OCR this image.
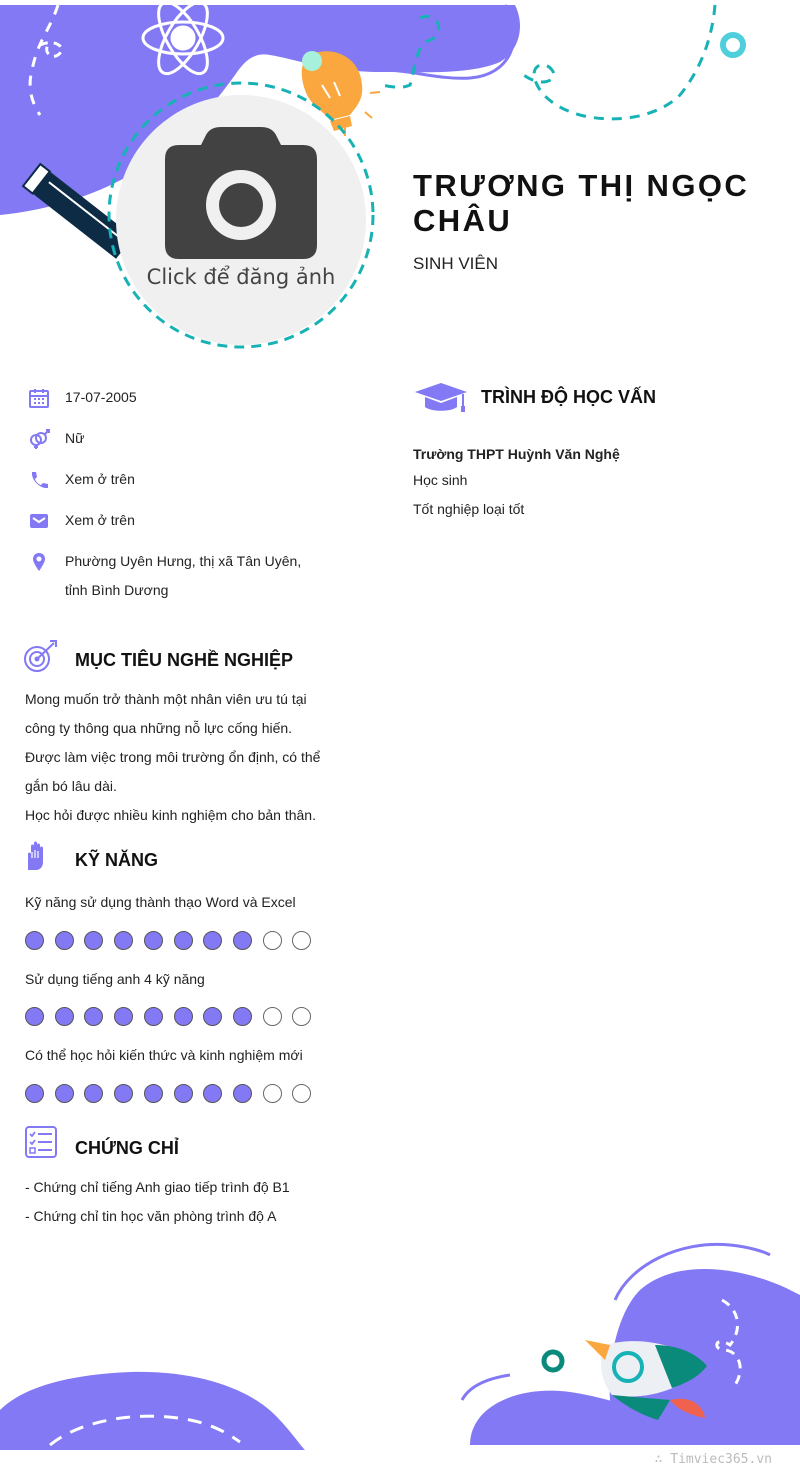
Click để đăng ảnh
TRƯƠNG THỊ NGỌC CHÂU
SINH VIÊN
17-07-2005
Nữ
Xem ở trên
Xem ở trên
Phường Uyên Hưng, thị xã Tân Uyên, tỉnh Bình Dương
MỤC TIÊU NGHỀ NGHIỆP
Mong muốn trở thành một nhân viên ưu tú tại công ty thông qua những nỗ lực cống hiến.
Được làm việc trong môi trường ổn định, có thể gắn bó lâu dài.
Học hỏi được nhiều kinh nghiệm cho bản thân.
KỸ NĂNG
Kỹ năng sử dụng thành thạo Word và Excel
Sử dụng tiếng anh 4 kỹ năng
Có thể học hỏi kiến thức và kinh nghiệm mới
CHỨNG CHỈ
- Chứng chỉ tiếng Anh giao tiếp trình độ B1
- Chứng chỉ tin học văn phòng trình độ A
TRÌNH ĐỘ HỌC VẤN
Trường THPT Huỳnh Văn Nghệ
Học sinh
Tốt nghiệp loại tốt
∴ Timviec365.vn
